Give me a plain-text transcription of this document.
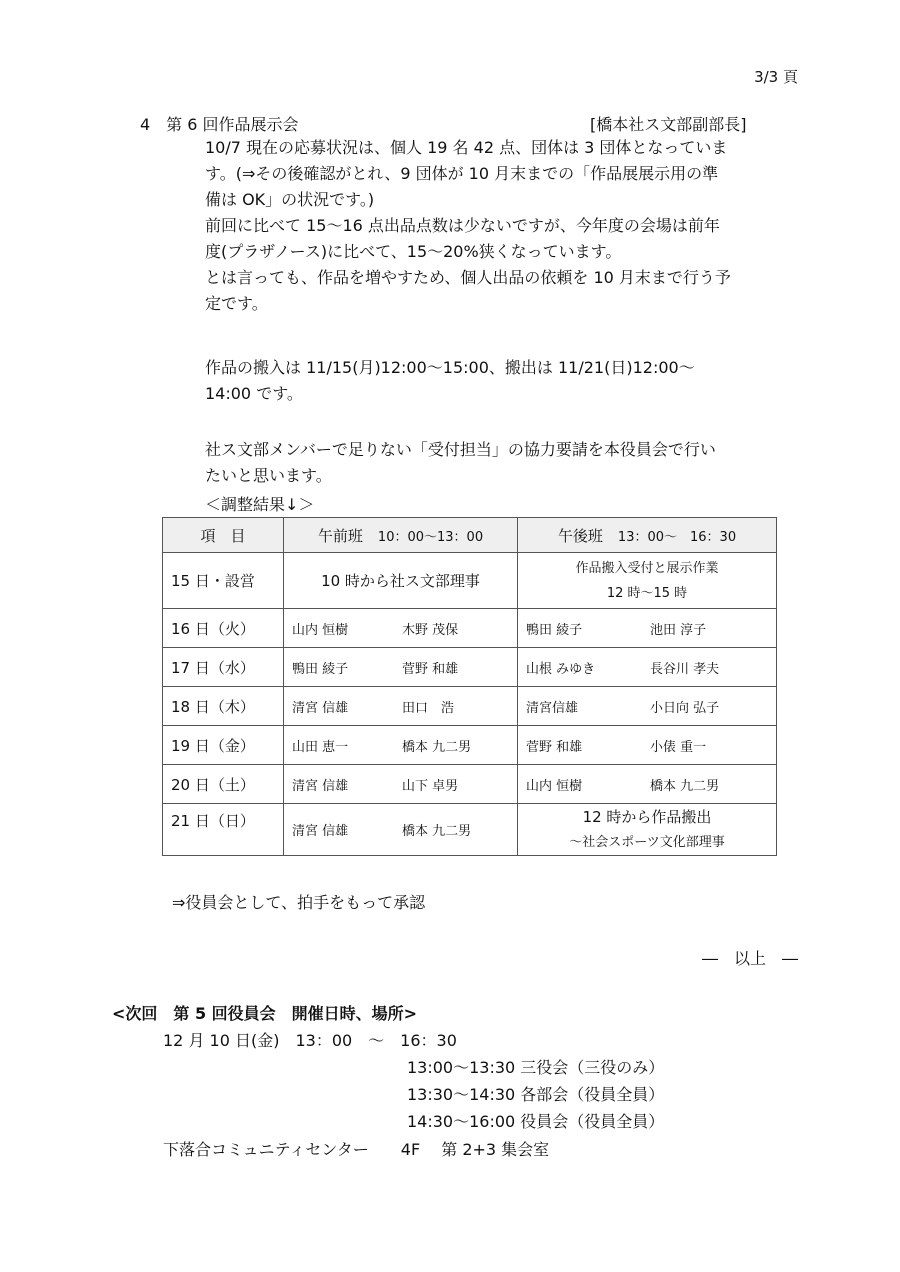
3/3 頁
4　第 6 回作品展示会	[橋本社ス文部副部長]
10/7 現在の応募状況は、個人 19 名 42 点、団体は 3 団体となっていま
す。(⇒その後確認がとれ、9 団体が 10 月末までの「作品展展示用の準
備は OK」の状況です。)
前回に比べて 15～16 点出品点数は少ないですが、今年度の会場は前年
度(プラザノース)に比べて、15～20%狭くなっています。
とは言っても、作品を増やすため、個人出品の依頼を 10 月末まで行う予
定です。
作品の搬入は 11/15(月)12:00～15:00、搬出は 11/21(日)12:00～
14:00 です。
社ス文部メンバーで足りない「受付担当」の協力要請を本役員会で行い
たいと思います。
＜調整結果↓＞
項　目	午前班　 10：00～13：00	午後班　 13：00～　16：30
15 日・設営	10 時から社ス文部理事	作品搬入受付と展示作業
12 時～15 時

16 日（火）	山内 恒樹 木野 茂保	鴨田 綾子 池田 淳子
17 日（水）	鴨田 綾子 菅野 和雄	山根 みゆき 長谷川 孝夫
18 日（木）	清宮 信雄 田口　浩	清宮信雄 小日向 弘子
19 日（金）	山田 恵一 橋本 九二男	菅野 和雄 小俵 重一
20 日（土）	清宮 信雄 山下 卓男	山内 恒樹 橋本 九二男
21 日（日）	清宮 信雄 橋本 九二男	12 時から作品搬出
～社会スポーツ文化部理事
⇒役員会として、拍手をもって承認
―　以上　―
<次回　第 5 回役員会　開催日時、場所>
12 月 10 日(金)　13：00　～　16：30
13:00～13:30 三役会（三役のみ）
13:30～14:30 各部会（役員全員）
14:30～16:00 役員会（役員全員）
下落合コミュニティセンター　　4F　 第 2+3 集会室
